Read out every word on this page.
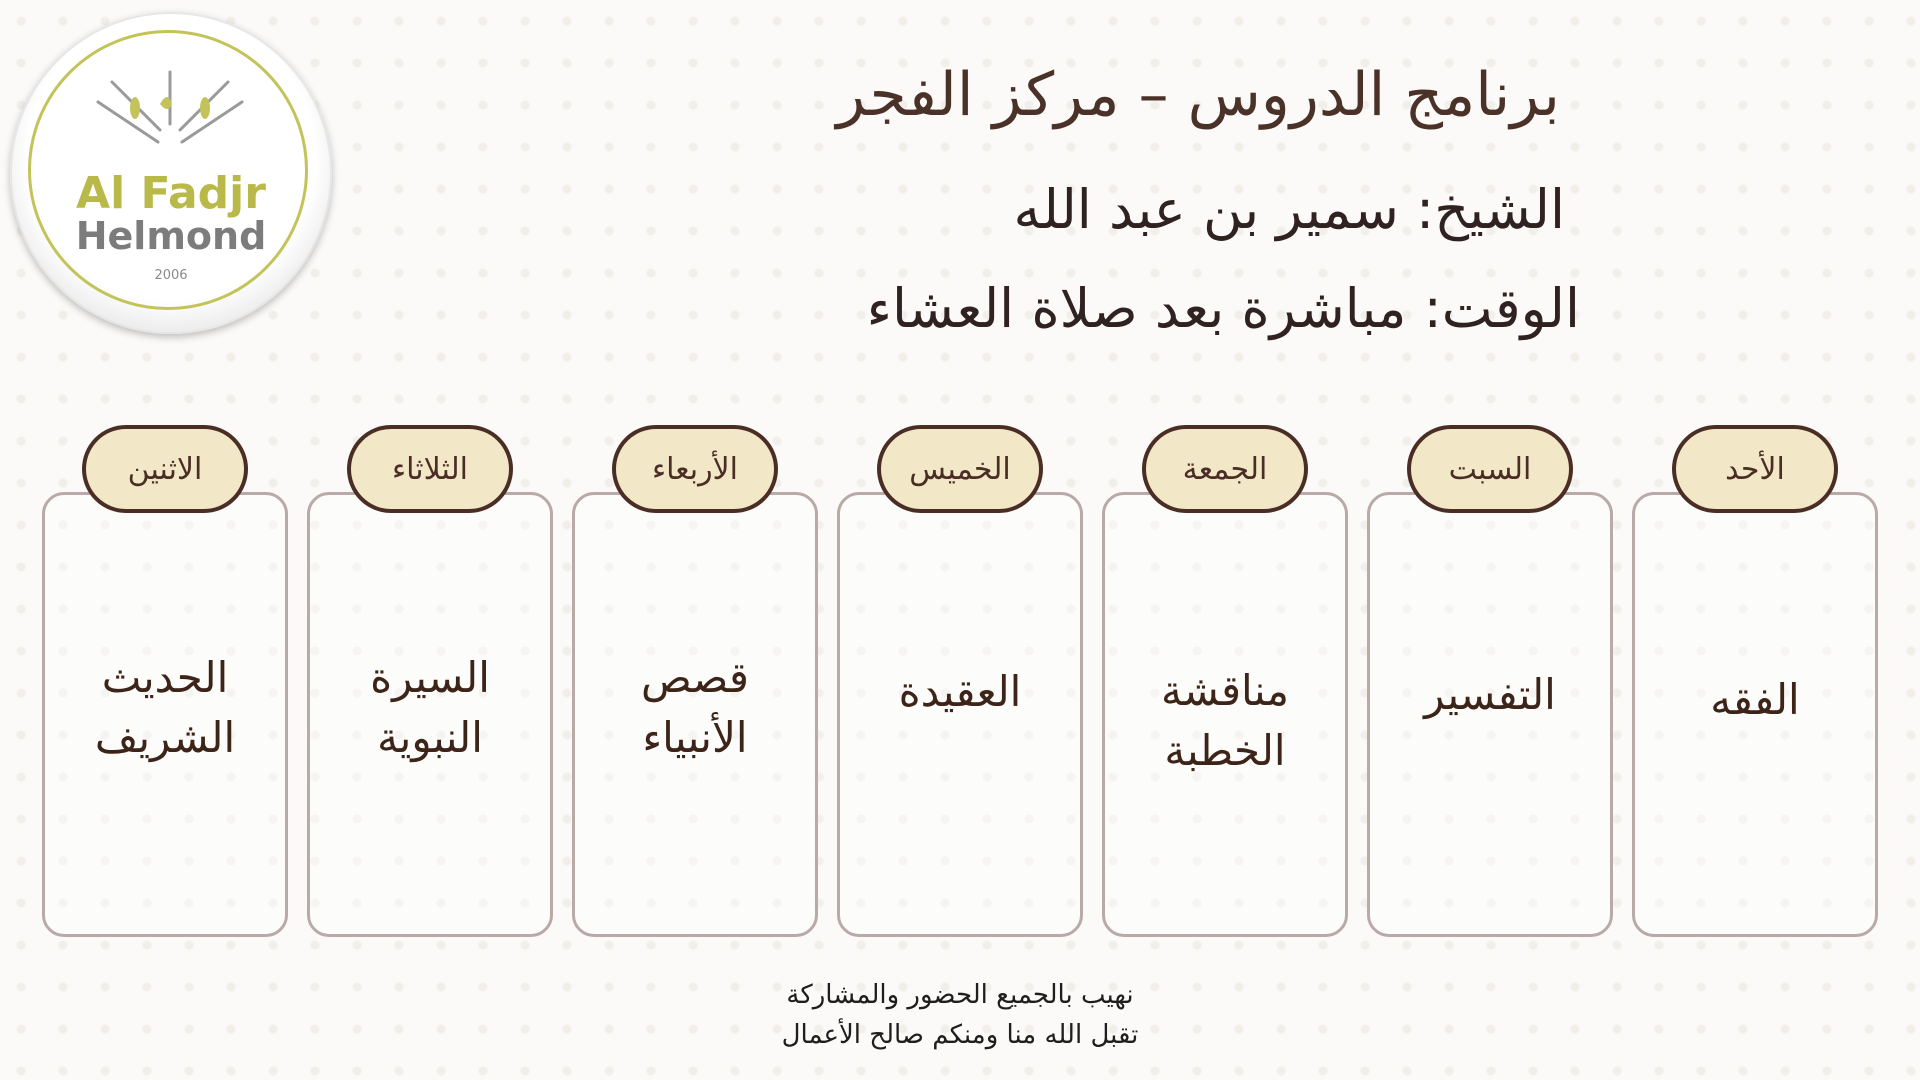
Al Fadjr
Helmond
2006
برنامج الدروس – مركز الفجر
الشيخ: سمير بن عبد الله
الوقت: مباشرة بعد صلاة العشاء
الاثنين
الحديث
الشريف
الثلاثاء
السيرة
النبوية
الأربعاء
قصص
الأنبياء
الخميس
العقيدة
الجمعة
مناقشة
الخطبة
السبت
التفسير
الأحد
الفقه
نهيب بالجميع الحضور والمشاركة
تقبل الله منا ومنكم صالح الأعمال
